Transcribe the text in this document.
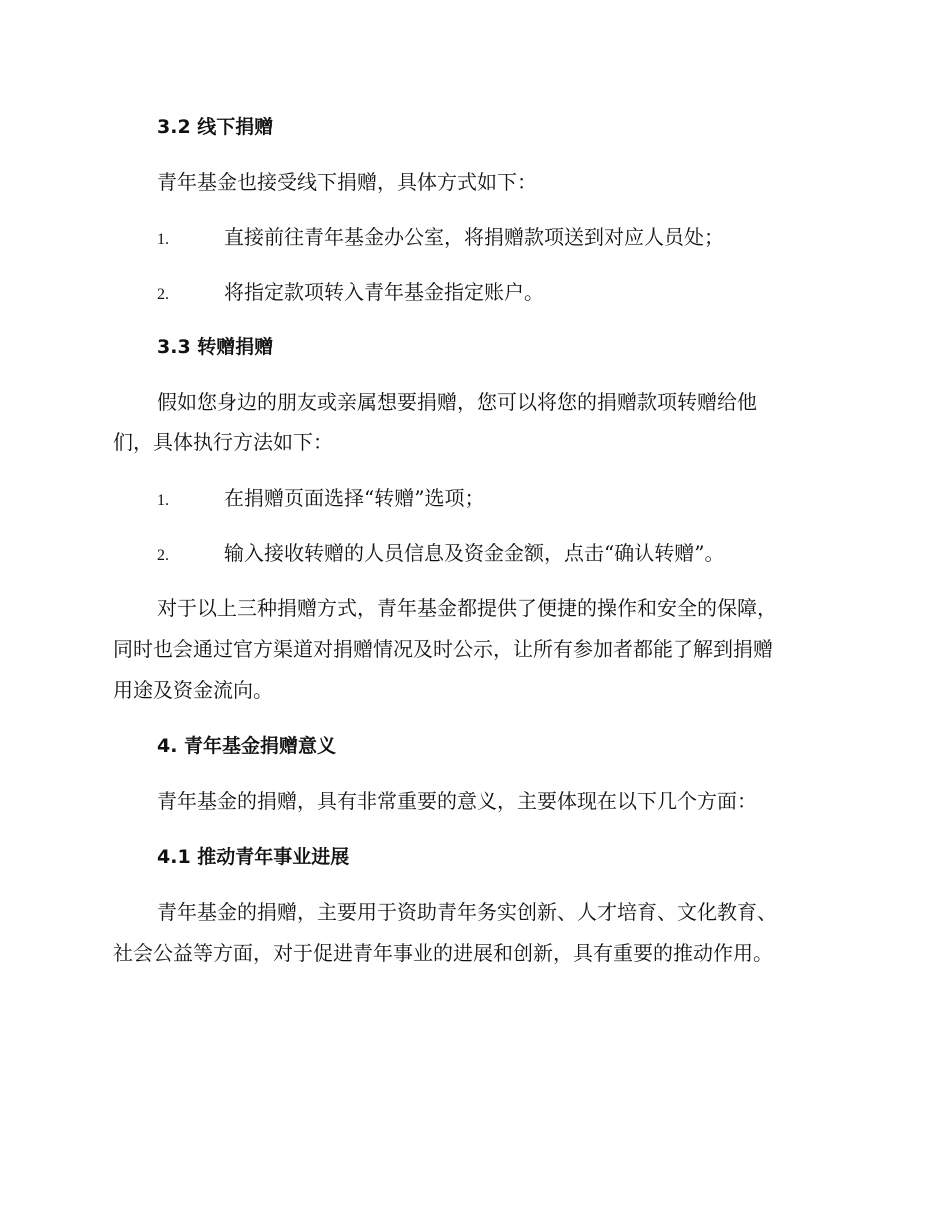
3.2 线下捐赠
青年基金也接受线下捐赠，具体方式如下：
1.	直接前往青年基金办公室，将捐赠款项送到对应人员处；
2.	将指定款项转入青年基金指定账户。
3.3 转赠捐赠
假如您身边的朋友或亲属想要捐赠，您可以将您的捐赠款项转赠给他
们，具体执行方法如下：
1.	在捐赠页面选择“转赠”选项；
2.	输入接收转赠的人员信息及资金金额，点击“确认转赠”。
对于以上三种捐赠方式，青年基金都提供了便捷的操作和安全的保障，
同时也会通过官方渠道对捐赠情况及时公示，让所有参加者都能了解到捐赠
用途及资金流向。
4. 青年基金捐赠意义
青年基金的捐赠，具有非常重要的意义，主要体现在以下几个方面：
4.1 推动青年事业进展
青年基金的捐赠，主要用于资助青年务实创新、人才培育、文化教育、
社会公益等方面，对于促进青年事业的进展和创新，具有重要的推动作用。
